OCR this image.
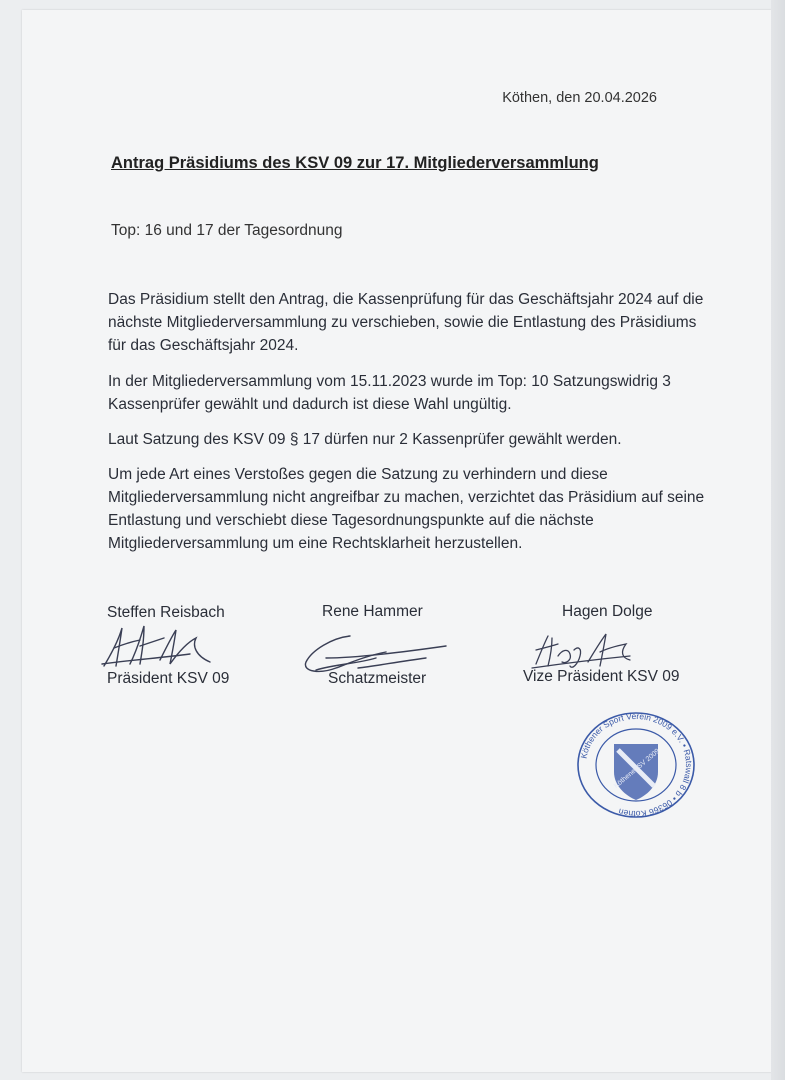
Köthen, den 20.04.2026
Antrag Präsidiums des KSV 09 zur 17. Mitgliederversammlung
Top: 16 und 17 der Tagesordnung
Das Präsidium stellt den Antrag, die Kassenprüfung für das Geschäftsjahr 2024 auf die nächste Mitgliederversammlung zu verschieben, sowie die Entlastung des Präsidiums für das Geschäftsjahr 2024.
In der Mitgliederversammlung vom 15.11.2023 wurde im Top: 10 Satzungswidrig 3 Kassenprüfer gewählt und dadurch ist diese Wahl ungültig.
Laut Satzung des KSV 09 § 17 dürfen nur 2 Kassenprüfer gewählt werden.
Um jede Art eines Verstoßes gegen die Satzung zu verhindern und diese Mitgliederversammlung nicht angreifbar zu machen, verzichtet das Präsidium auf seine Entlastung und verschiebt diese Tagesordnungspunkte auf die nächste Mitgliederversammlung um eine Rechtsklarheit herzustellen.
Steffen Reisbach
Präsident KSV 09
Rene Hammer
Schatzmeister
Hagen Dolge
Vize Präsident KSV 09
Köthener Sport Verein 2009 e.V. • Ratswall 8 b • 06366 Köthen
Köthener SV 2009
